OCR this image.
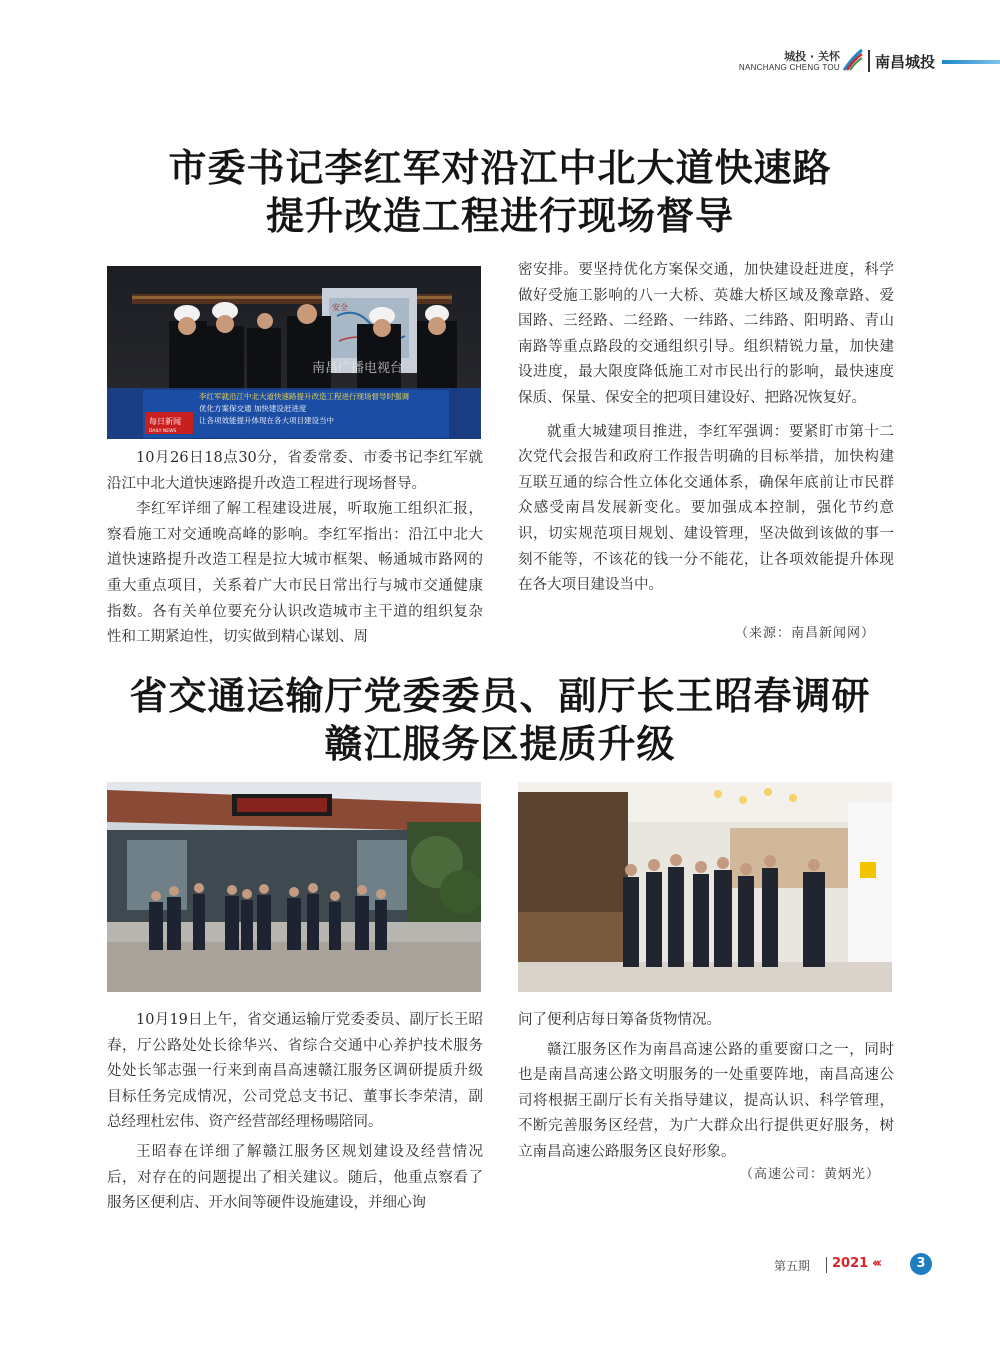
城投 · 关怀
NANCHANG CHENG TOU 南昌城投
市委书记李红军对沿江中北大道快速路
提升改造工程进行现场督导
安全
南昌广播电视台
李红军就沿江中北大道快速路提升改造工程进行现场督导时强调
优化方案保交通 加快建设赶进度
让各项效能提升体现在各大项目建设当中
每日新闻
DAILY NEWS

10月26日18点30分，省委常委、市委书记李红军就沿江中北大道快速路提升改造工程进行现场督导。

李红军详细了解工程建设进展，听取施工组织汇报，察看施工对交通晚高峰的影响。李红军指出：沿江中北大道快速路提升改造工程是拉大城市框架、畅通城市路网的重大重点项目，关系着广大市民日常出行与城市交通健康指数。各有关单位要充分认识改造城市主干道的组织复杂性和工期紧迫性，切实做到精心谋划、周

密安排。要坚持优化方案保交通，加快建设赶进度，科学做好受施工影响的八一大桥、英雄大桥区域及豫章路、爱国路、三经路、二经路、一纬路、二纬路、阳明路、青山南路等重点路段的交通组织引导。组织精锐力量，加快建设进度，最大限度降低施工对市民出行的影响，最快速度保质、保量、保安全的把项目建设好、把路况恢复好。

就重大城建项目推进，李红军强调：要紧盯市第十二次党代会报告和政府工作报告明确的目标举措，加快构建互联互通的综合性立体化交通体系，确保年底前让市民群众感受南昌发展新变化。要加强成本控制，强化节约意识，切实规范项目规划、建设管理，坚决做到该做的事一刻不能等，不该花的钱一分不能花，让各项效能提升体现在各大项目建设当中。

（来源：南昌新闻网）
省交通运输厅党委委员、副厅长王昭春调研
赣江服务区提质升级

10月19日上午，省交通运输厅党委委员、副厅长王昭春，厅公路处处长徐华兴、省综合交通中心养护技术服务处处长邹志强一行来到南昌高速赣江服务区调研提质升级目标任务完成情况，公司党总支书记、董事长李荣清，副总经理杜宏伟、资产经营部经理杨暘陪同。

王昭春在详细了解赣江服务区规划建设及经营情况后，对存在的问题提出了相关建议。随后，他重点察看了服务区便利店、开水间等硬件设施建设，并细心询

问了便利店每日筹备货物情况。

赣江服务区作为南昌高速公路的重要窗口之一，同时也是南昌高速公路文明服务的一处重要阵地，南昌高速公司将根据王副厅长有关指导建议，提高认识、科学管理，不断完善服务区经营，为广大群众出行提供更好服务，树立南昌高速公路服务区良好形象。

（高速公司：黄炳光）
第五期 2021 ‹‹‹	3
